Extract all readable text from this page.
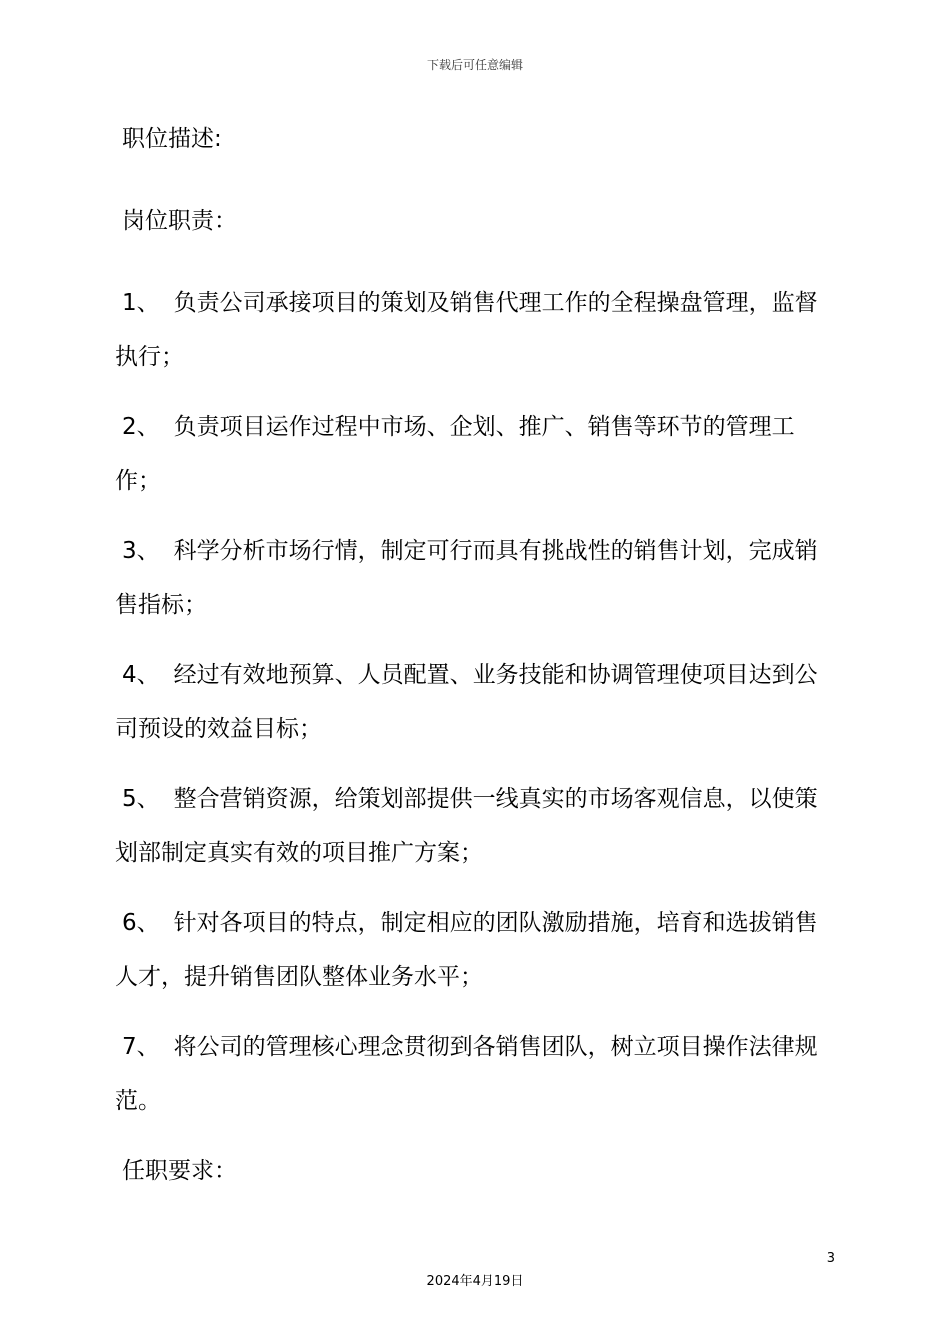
下载后可任意编辑
职位描述:
岗位职责：
1、 负责公司承接项目的策划及销售代理工作的全程操盘管理，监督执行；
2、 负责项目运作过程中市场、企划、推广、销售等环节的管理工作；
3、 科学分析市场行情，制定可行而具有挑战性的销售计划，完成销售指标；
4、 经过有效地预算、人员配置、业务技能和协调管理使项目达到公司预设的效益目标；
5、 整合营销资源，给策划部提供一线真实的市场客观信息，以使策划部制定真实有效的项目推广方案；
6、 针对各项目的特点，制定相应的团队激励措施，培育和选拔销售人才，提升销售团队整体业务水平；
7、 将公司的管理核心理念贯彻到各销售团队，树立项目操作法律规范。
任职要求：
3
2024年4月19日
